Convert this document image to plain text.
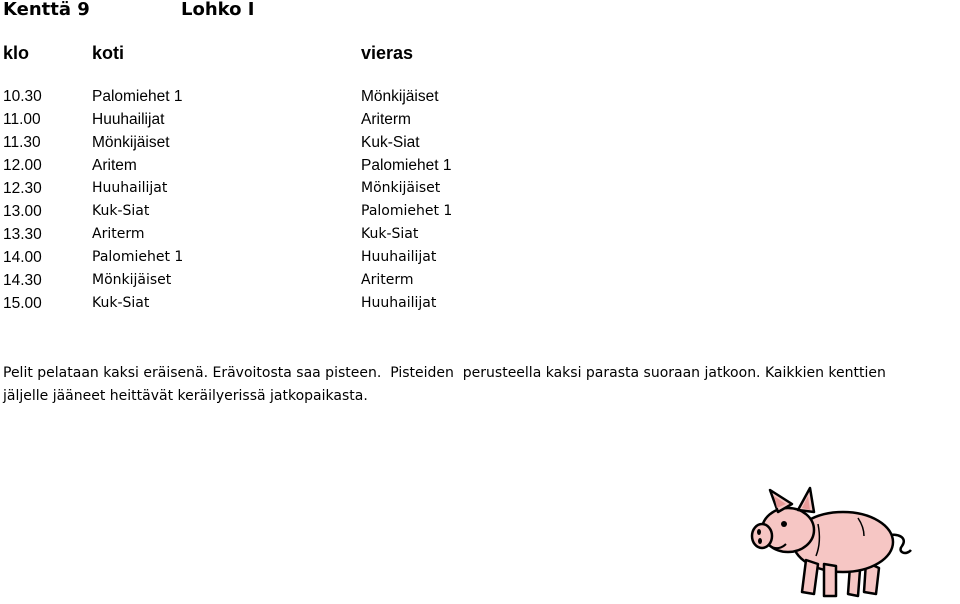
Kenttä 9	Lohko I
klo	koti	vieras
10.30	Palomiehet 1	Mönkijäiset
11.00	Huuhailijat	Ariterm
11.30	Mönkijäiset	Kuk-Siat
12.00	Aritem	Palomiehet 1
12.30	Huuhailijat	Mönkijäiset
13.00	Kuk-Siat	Palomiehet 1
13.30	Ariterm	Kuk-Siat
14.00	Palomiehet 1	Huuhailijat
14.30	Mönkijäiset	Ariterm
15.00	Kuk-Siat	Huuhailijat
Pelit pelataan kaksi eräisenä. Erävoitosta saa pisteen.  Pisteiden  perusteella kaksi parasta suoraan jatkoon. Kaikkien kenttien
jäljelle jääneet heittävät keräilyerissä jatkopaikasta.
